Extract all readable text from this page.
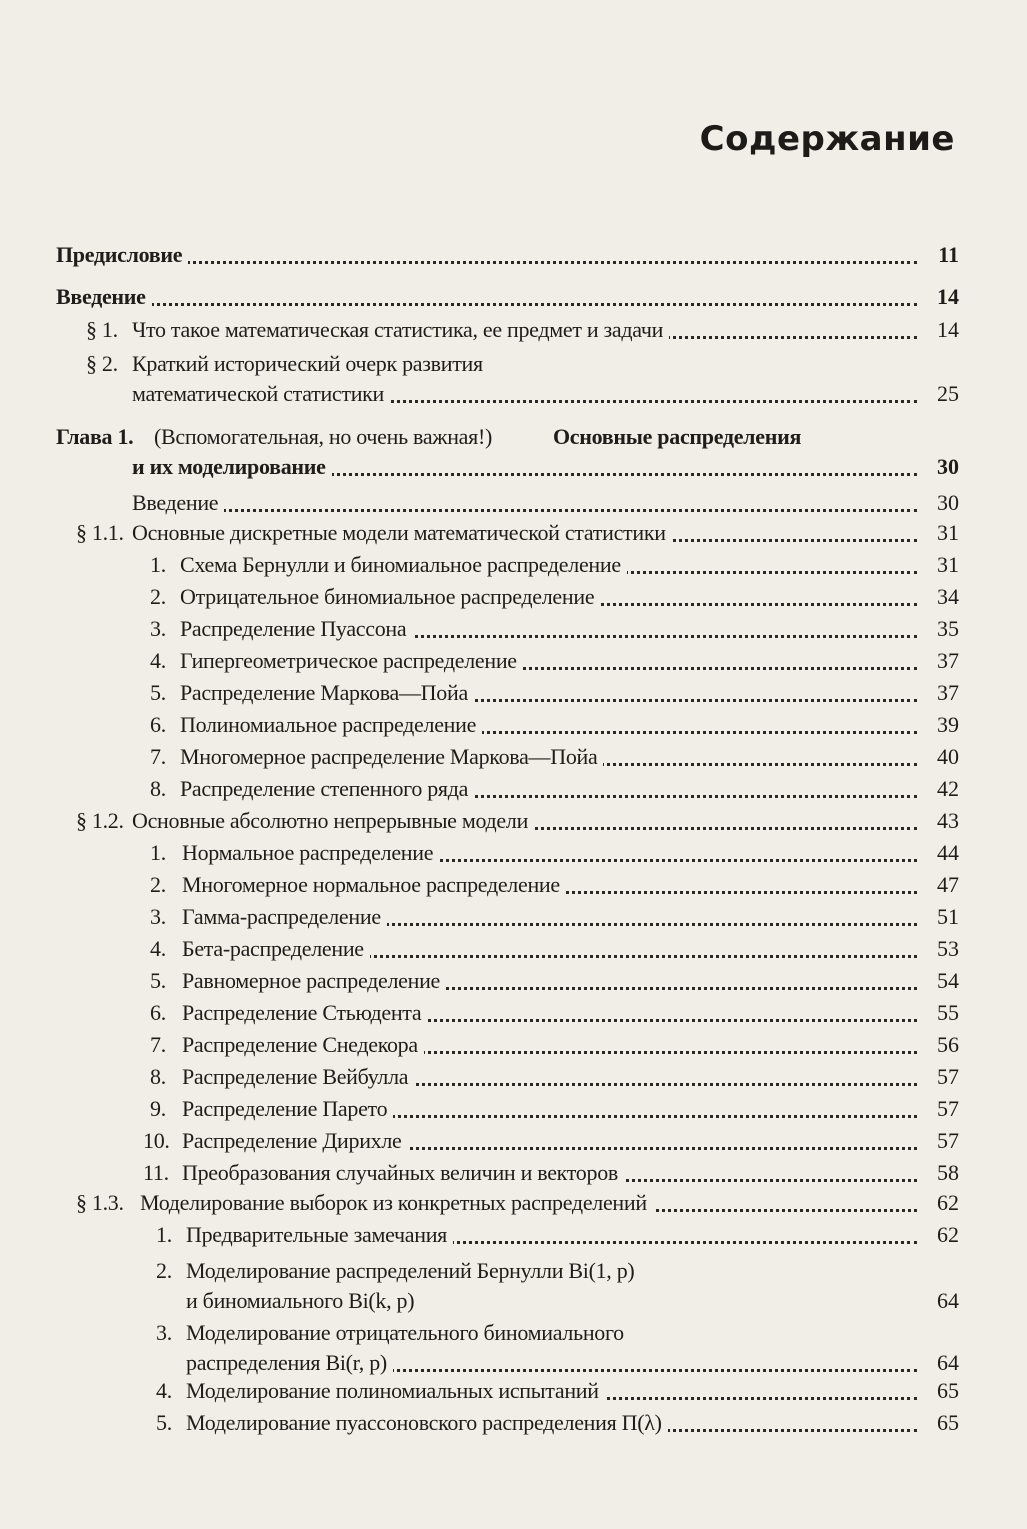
Содержание
Предисловие	11
Введение	14
§ 1. Что такое математическая статистика, ее предмет и задачи	14
§ 2. Краткий исторический очерк развития
математической статистики	25
Глава 1. (Вспомогательная, но очень важная!)	Основные распределения
и их моделирование	30
Введение	30
§ 1.1. Основные дискретные модели математической статистики	31
1. Схема Бернулли и биномиальное распределение	31
2. Отрицательное биномиальное распределение	34
3. Распределение Пуассона	35
4. Гипергеометрическое распределение	37
5. Распределение Маркова—Пойа	37
6. Полиномиальное распределение	39
7. Многомерное распределение Маркова—Пойа	40
8. Распределение степенного ряда	42
§ 1.2. Основные абсолютно непрерывные модели	43
1. Нормальное распределение	44
2. Многомерное нормальное распределение	47
3. Гамма-распределение	51
4. Бета-распределение	53
5. Равномерное распределение	54
6. Распределение Стьюдента	55
7. Распределение Снедекора	56
8. Распределение Вейбулла	57
9. Распределение Парето	57
10. Распределение Дирихле	57
11. Преобразования случайных величин и векторов	58
§ 1.3. Моделирование выборок из конкретных распределений	62
1. Предварительные замечания	62
2. Моделирование распределений Бернулли Bi(1, p)
и биномиального Bi(k, p)	64
3. Моделирование отрицательного биномиального
распределения Bi(r, p)	64
4. Моделирование полиномиальных испытаний	65
5. Моделирование пуассоновского распределения Π(λ)	65
